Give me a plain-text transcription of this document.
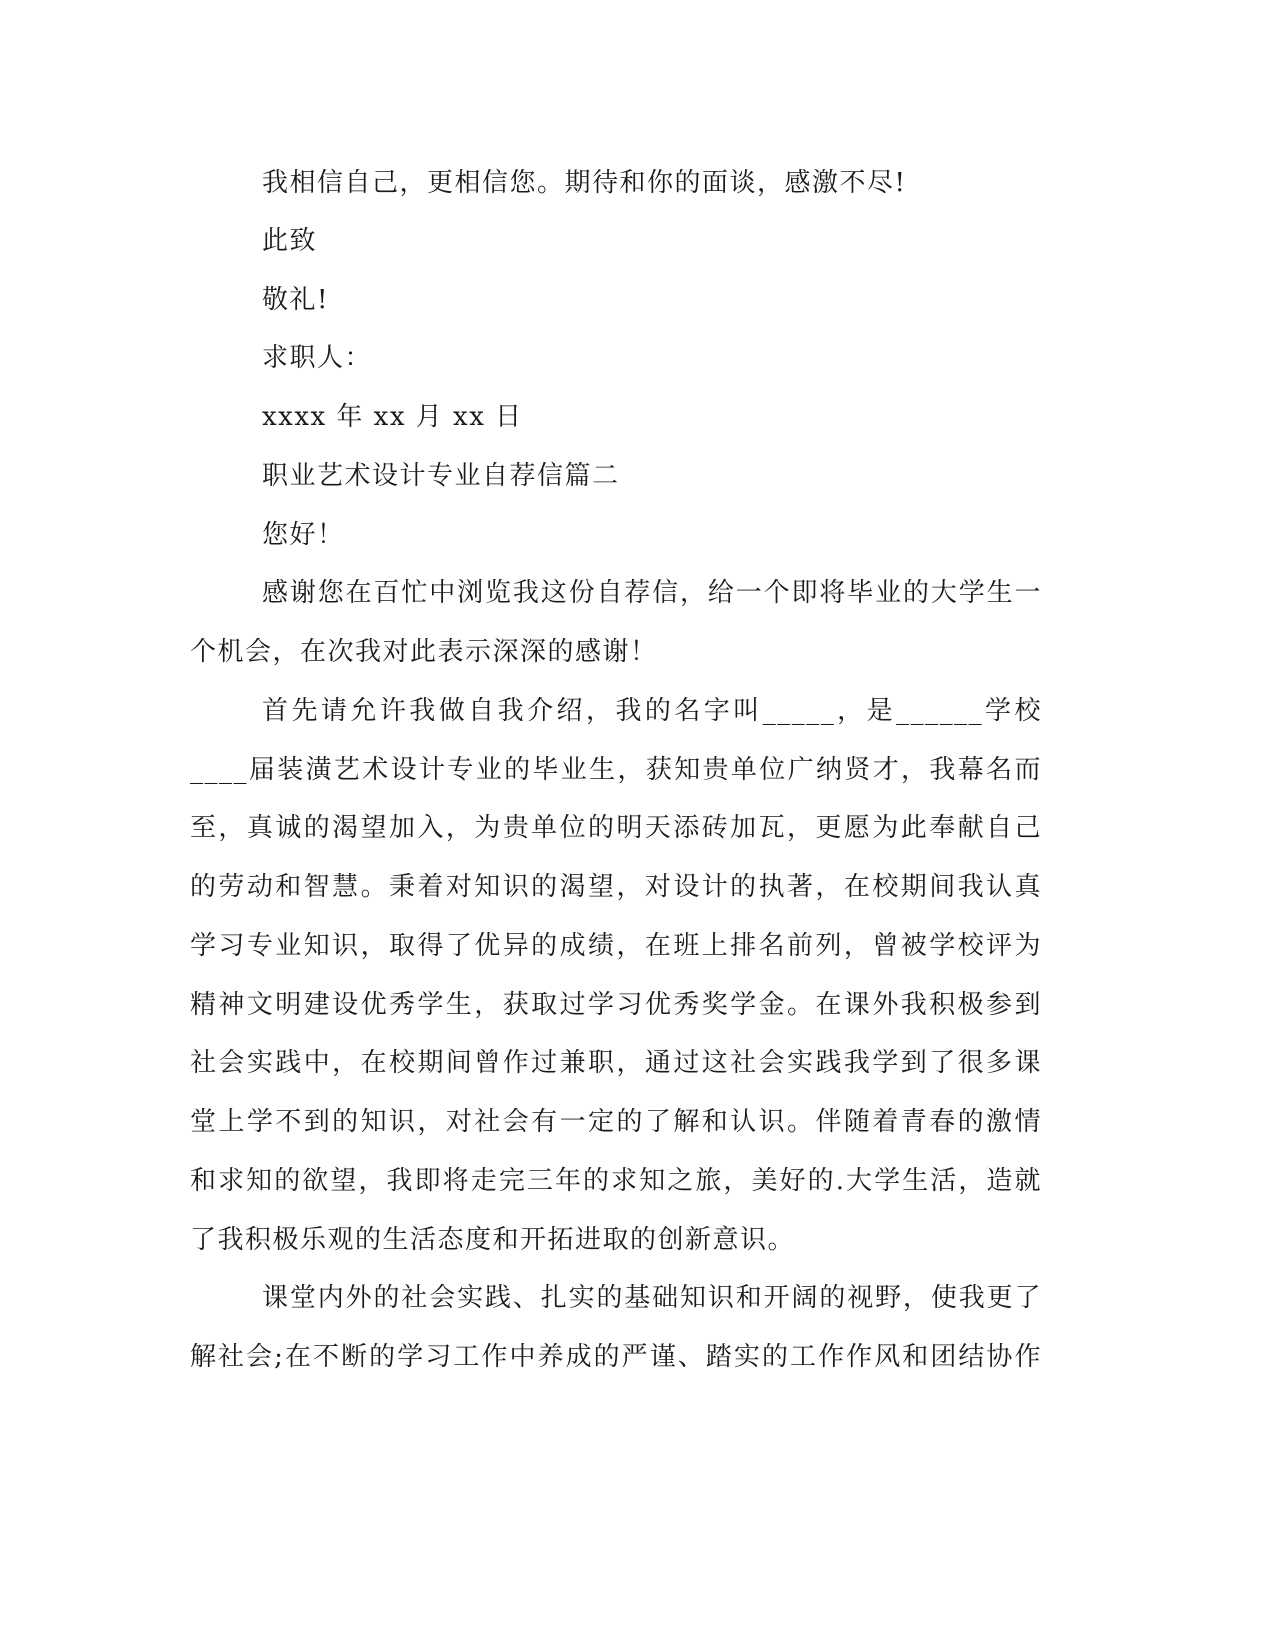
我相信自己，更相信您。期待和你的面谈，感激不尽!

此致

敬礼!

求职人：

xxxx 年 xx 月 xx 日

职业艺术设计专业自荐信篇二

您好！

感谢您在百忙中浏览我这份自荐信，给一个即将毕业的大学生一

个机会，在次我对此表示深深的感谢！

首先请允许我做自我介绍，我的名字叫_____，是______学校

____届装潢艺术设计专业的毕业生，获知贵单位广纳贤才，我幕名而

至，真诚的渴望加入，为贵单位的明天添砖加瓦，更愿为此奉献自己

的劳动和智慧。秉着对知识的渴望，对设计的执著，在校期间我认真

学习专业知识，取得了优异的成绩，在班上排名前列，曾被学校评为

精神文明建设优秀学生，获取过学习优秀奖学金。在课外我积极参到

社会实践中，在校期间曾作过兼职，通过这社会实践我学到了很多课

堂上学不到的知识，对社会有一定的了解和认识。伴随着青春的激情

和求知的欲望，我即将走完三年的求知之旅，美好的.大学生活，造就

了我积极乐观的生活态度和开拓进取的创新意识。

课堂内外的社会实践、扎实的基础知识和开阔的视野，使我更了

解社会;在不断的学习工作中养成的严谨、踏实的工作作风和团结协作
